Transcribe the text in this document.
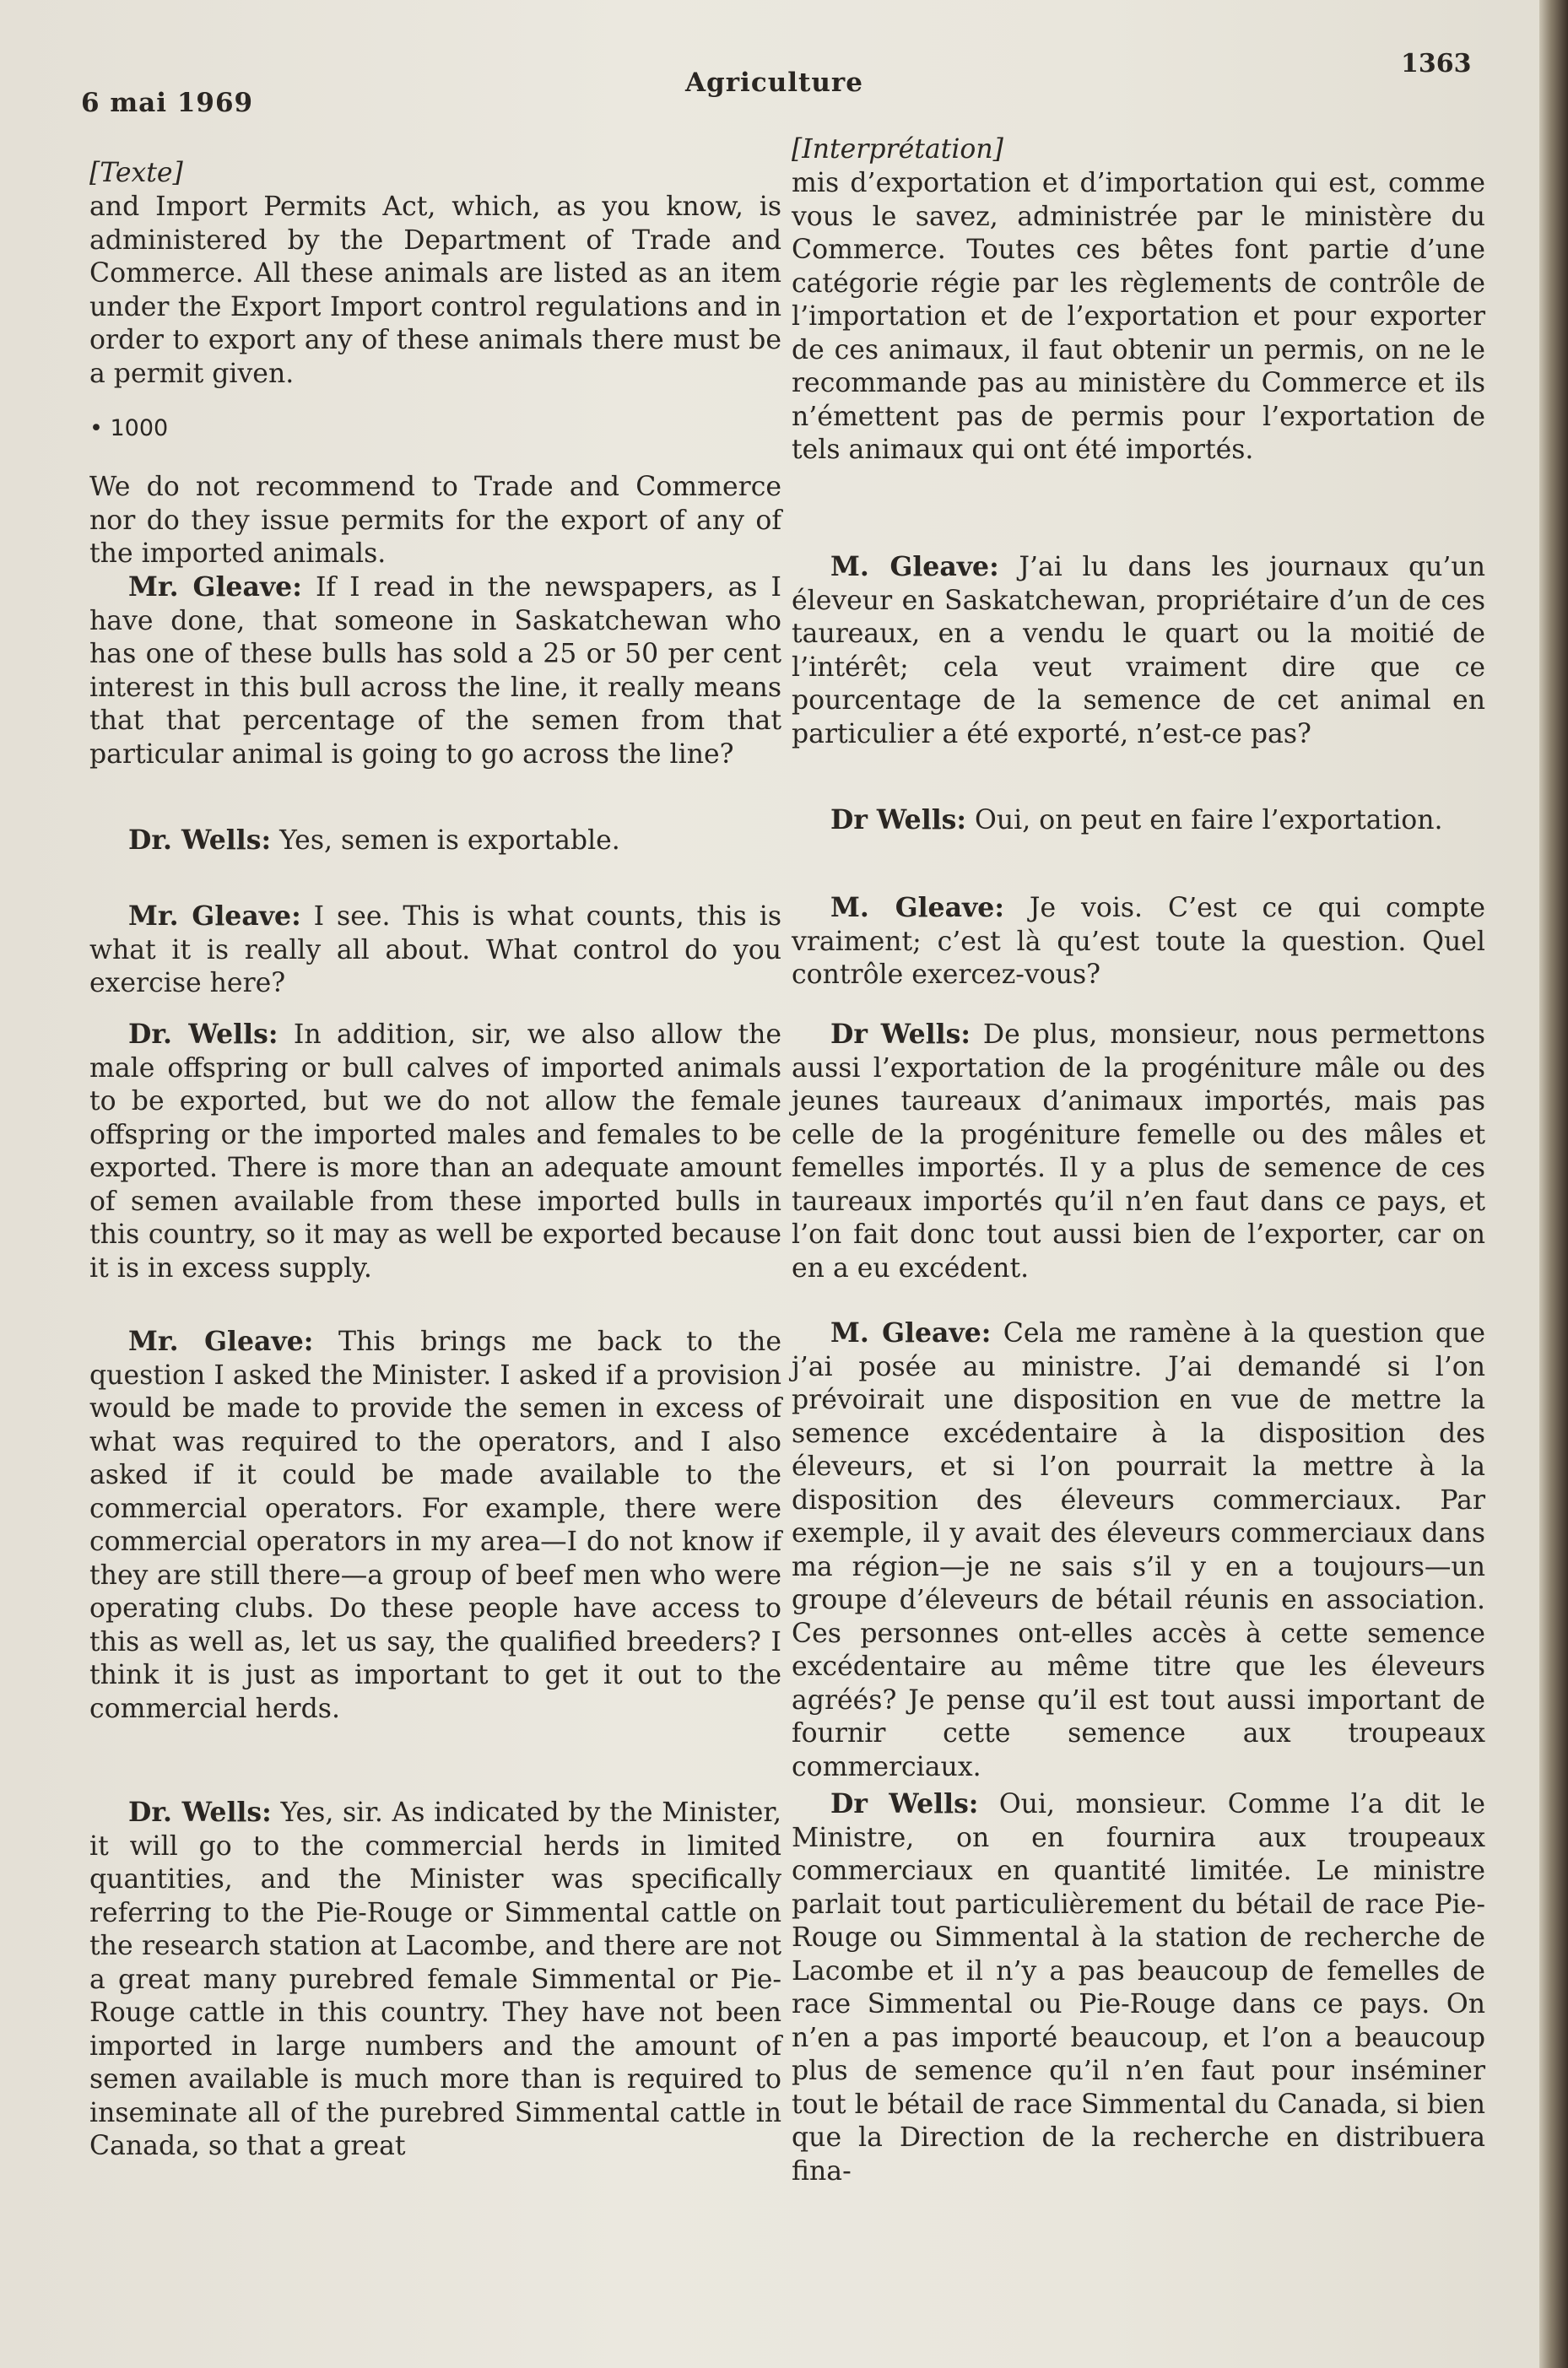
6 mai 1969
Agriculture
1363

[Texte]

and Import Permits Act, which, as you know, is administered by the Department of Trade and Commerce. All these animals are listed as an item under the Export Import control regulations and in order to export any of these animals there must be a permit given.

• 1000

We do not recommend to Trade and Commerce nor do they issue permits for the export of any of the imported animals.

Mr. Gleave: If I read in the newspapers, as I have done, that someone in Saskatchewan who has one of these bulls has sold a 25 or 50 per cent interest in this bull across the line, it really means that that percentage of the semen from that particular animal is going to go across the line?

Dr. Wells: Yes, semen is exportable.

Mr. Gleave: I see. This is what counts, this is what it is really all about. What control do you exercise here?

Dr. Wells: In addition, sir, we also allow the male offspring or bull calves of imported animals to be exported, but we do not allow the female offspring or the imported males and females to be exported. There is more than an adequate amount of semen available from these imported bulls in this country, so it may as well be exported because it is in excess supply.

Mr. Gleave: This brings me back to the question I asked the Minister. I asked if a provision would be made to provide the semen in excess of what was required to the operators, and I also asked if it could be made available to the commercial operators. For example, there were commercial operators in my area—I do not know if they are still there—a group of beef men who were operating clubs. Do these people have access to this as well as, let us say, the qualified breeders? I think it is just as important to get it out to the commercial herds.

Dr. Wells: Yes, sir. As indicated by the Minister, it will go to the commercial herds in limited quantities, and the Minister was specifically referring to the Pie-Rouge or Simmental cattle on the research station at Lacombe, and there are not a great many purebred female Simmental or Pie-Rouge cattle in this country. They have not been imported in large numbers and the amount of semen available is much more than is required to inseminate all of the purebred Simmental cattle in Canada, so that a great

[Interprétation]

mis d’exportation et d’importation qui est, comme vous le savez, administrée par le ministère du Commerce. Toutes ces bêtes font partie d’une catégorie régie par les règlements de contrôle de l’importation et de l’exportation et pour exporter de ces animaux, il faut obtenir un permis, on ne le recommande pas au ministère du Commerce et ils n’émettent pas de permis pour l’exportation de tels animaux qui ont été importés.

M. Gleave: J’ai lu dans les journaux qu’un éleveur en Saskatchewan, propriétaire d’un de ces taureaux, en a vendu le quart ou la moitié de l’intérêt; cela veut vraiment dire que ce pourcentage de la semence de cet animal en particulier a été exporté, n’est-ce pas?

Dr Wells: Oui, on peut en faire l’exportation.

M. Gleave: Je vois. C’est ce qui compte vraiment; c’est là qu’est toute la question. Quel contrôle exercez-vous?

Dr Wells: De plus, monsieur, nous permettons aussi l’exportation de la progéniture mâle ou des jeunes taureaux d’animaux importés, mais pas celle de la progéniture femelle ou des mâles et femelles importés. Il y a plus de semence de ces taureaux importés qu’il n’en faut dans ce pays, et l’on fait donc tout aussi bien de l’exporter, car on en a eu excédent.

M. Gleave: Cela me ramène à la question que j’ai posée au ministre. J’ai demandé si l’on prévoirait une disposition en vue de mettre la semence excédentaire à la disposition des éleveurs, et si l’on pourrait la mettre à la disposition des éleveurs commerciaux. Par exemple, il y avait des éleveurs commerciaux dans ma région—je ne sais s’il y en a toujours—un groupe d’éleveurs de bétail réunis en association. Ces personnes ont-elles accès à cette semence excédentaire au même titre que les éleveurs agréés? Je pense qu’il est tout aussi important de fournir cette semence aux troupeaux commerciaux.

Dr Wells: Oui, monsieur. Comme l’a dit le Ministre, on en fournira aux troupeaux commerciaux en quantité limitée. Le ministre parlait tout particulièrement du bétail de race Pie-Rouge ou Simmental à la station de recherche de Lacombe et il n’y a pas beaucoup de femelles de race Simmental ou Pie-Rouge dans ce pays. On n’en a pas importé beaucoup, et l’on a beaucoup plus de semence qu’il n’en faut pour inséminer tout le bétail de race Simmental du Canada, si bien que la Direction de la recherche en distribuera fina-
